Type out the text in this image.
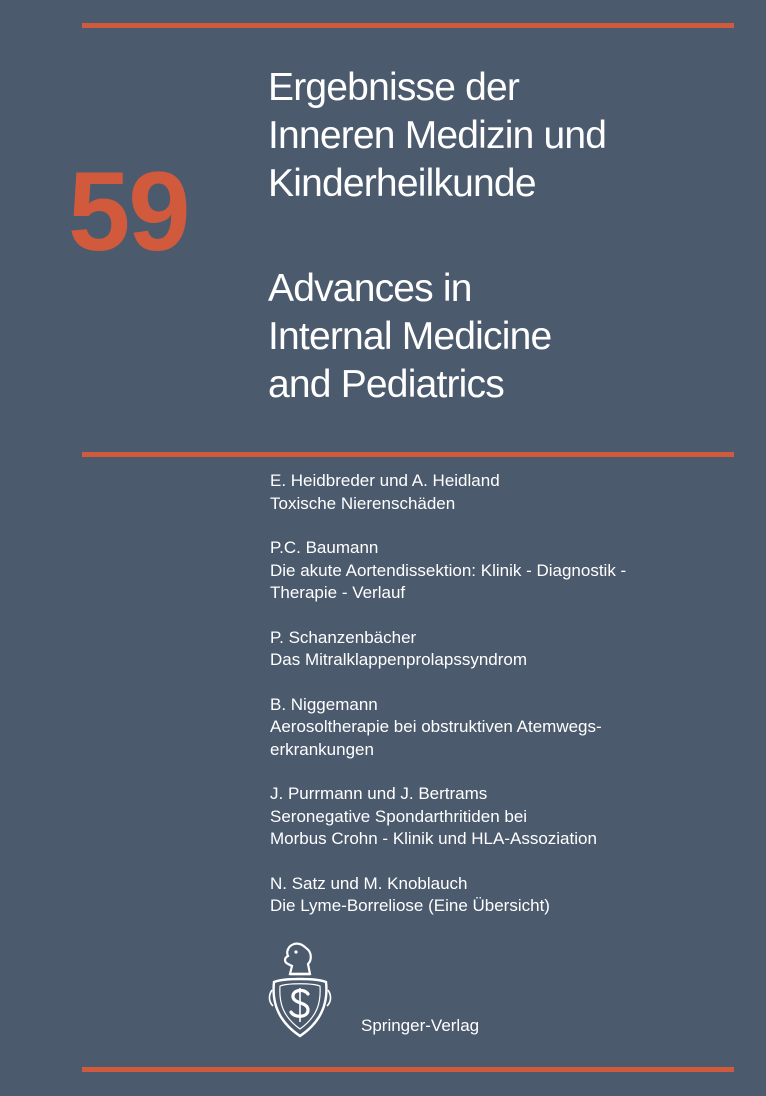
59
Ergebnisse der
Inneren Medizin und
Kinderheilkunde
Advances in
Internal Medicine
and Pediatrics
E. Heidbreder und A. Heidland
Toxische Nierenschäden
P.C. Baumann
Die akute Aortendissektion: Klinik - Diagnostik -
Therapie - Verlauf
P. Schanzenbächer
Das Mitralklappenprolapssyndrom
B. Niggemann
Aerosoltherapie bei obstruktiven Atemwegs-
erkrankungen
J. Purrmann und J. Bertrams
Seronegative Spondarthritiden bei
Morbus Crohn - Klinik und HLA-Assoziation
N. Satz und M. Knoblauch
Die Lyme-Borreliose (Eine Übersicht)
Springer-Verlag
